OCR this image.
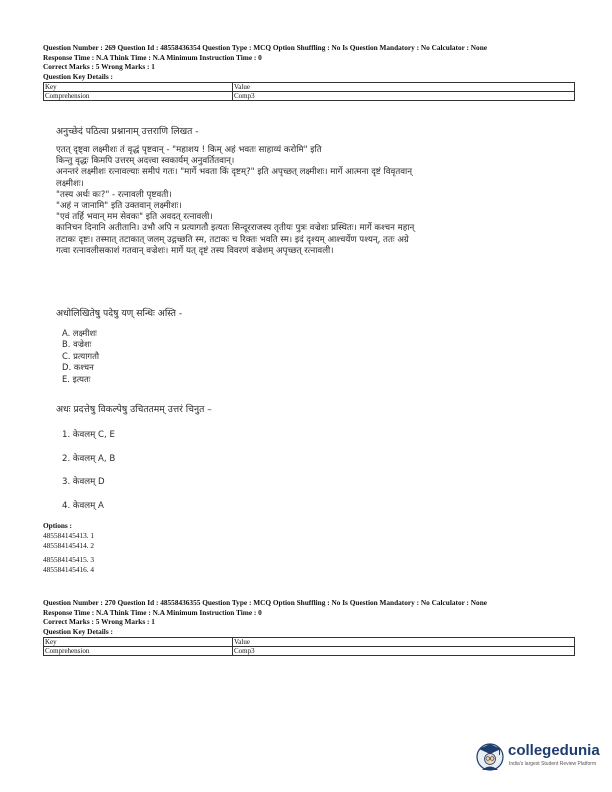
Question Number : 269 Question Id : 48558436354 Question Type : MCQ Option Shuffling : No Is Question Mandatory : No Calculator : None
Response Time : N.A Think Time : N.A Minimum Instruction Time : 0
Correct Marks : 5 Wrong Marks : 1
Question Key Details :
Key	Value
Comprehension	Comp3
अनुच्छेदं पठित्वा प्रश्नानाम् उत्तराणि लिखत -

एतत् दृष्ट्वा लक्ष्मीशः तं वृद्धं पृष्टवान् - "महाशय ! किम् अहं भवतः साहाय्यं करोमि" इति

किन्तु वृद्धः किमपि उत्तरम् अदत्त्वा स्वकार्यम् अनुवर्तितवान्।

अनन्तरं लक्ष्मीशः रत्नावल्याः समीपं गतः। "मार्गे भवता किं दृष्टम्?" इति अपृच्छत् लक्ष्मीशः। मार्गे आत्मना दृष्टं विवृतवान्

लक्ष्मीशः।

"तस्य अर्थः कः?" - रत्नावली पृष्टवती।

"अहं न जानामि" इति उक्तवान् लक्ष्मीशः।

"एवं तर्हि भवान् मम सेवकः" इति अवदत् रत्नावली।

कानिचन दिनानि अतीतानि। उभौ अपि न प्रत्यागतौ इत्यतः सिन्दूरराजस्य तृतीयः पुत्रः वज्रेशः प्रस्थितः। मार्गे कश्चन महान्

तटाकः दृष्टः। तस्मात् तटाकात् जलम् उद्गच्छति स्म, तटाकः च रिक्तः भवति स्म। इदं दृश्यम् आश्चर्येण पश्यन्, ततः अग्रे

गत्वा रत्नावलीसकाशं गतवान् वज्रेशः। मार्गे यत् दृष्टं तस्य विवरणं वज्रेशम् अपृच्छत् रत्नावली।

अधोलिखितेषु पदेषु यण् सन्धिः अस्ति -
A. लक्ष्मीशः
B. वज्रेशः
C. प्रत्यागतौ
D. कश्चन
E. इत्यतः
अधः प्रदत्तेषु विकल्पेषु उचिततमम् उत्तरं चिनुत –
1. केवलम् C, E
2. केवलम् A, B
3. केवलम् D
4. केवलम् A
Options :
485584145413. 1
485584145414. 2
485584145415. 3
485584145416. 4
Question Number : 270 Question Id : 48558436355 Question Type : MCQ Option Shuffling : No Is Question Mandatory : No Calculator : None
Response Time : N.A Think Time : N.A Minimum Instruction Time : 0
Correct Marks : 5 Wrong Marks : 1
Question Key Details :
Key	Value
Comprehension	Comp3
collegedunia
India's largest Student Review Platform
